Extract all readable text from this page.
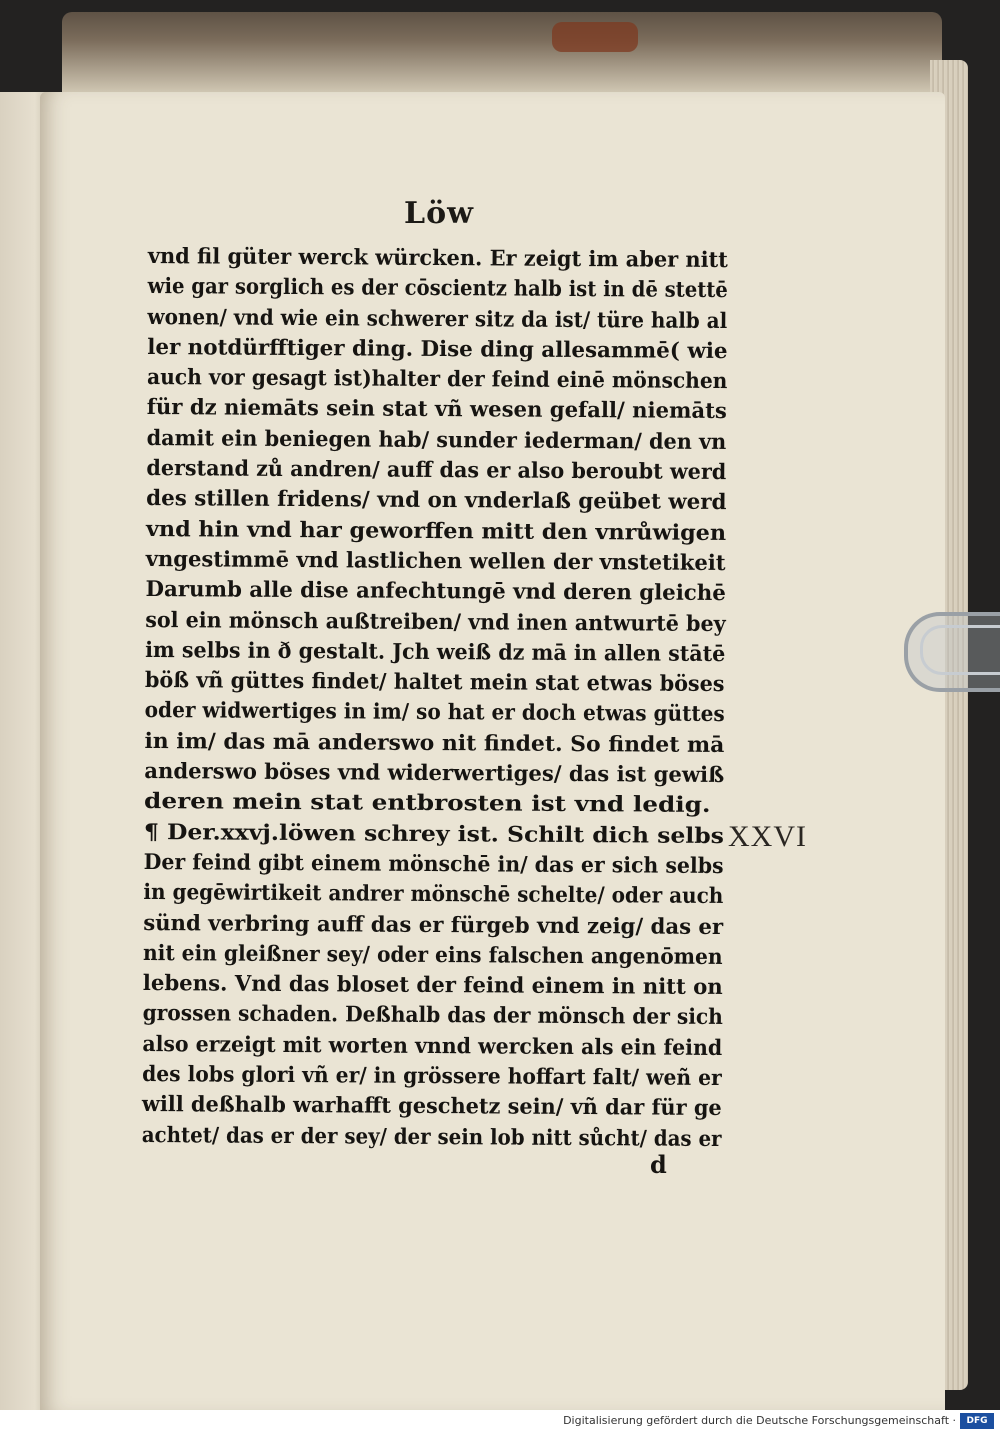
Löw
vnd fil güter werck würcken. Er zeigt im aber nitt
wie gar sorglich es der cōscientz halb ist in dē stettē
wonen/ vnd wie ein schwerer sitz da ist/ türe halb al
ler notdürfftiger ding. Dise ding allesammē( wie
auch vor gesagt ist)halter der feind einē mönschen
für dz niemāts sein stat vñ wesen gefall/ niemāts
damit ein beniegen hab/ sunder iederman/ den vn
derstand zů andren/ auff das er also beroubt werd
des stillen fridens/ vnd on vnderlaß geübet werd
vnd hin vnd har geworffen mitt den vnrůwigen
vngestimmē vnd lastlichen wellen der vnstetikeit
Darumb alle dise anfechtungē vnd deren gleichē
sol ein mönsch außtreiben/ vnd inen antwurtē bey
im selbs in ð gestalt. Jch weiß dz mā in allen stātē
böß vñ güttes findet/ haltet mein stat etwas böses
oder widwertiges in im/ so hat er doch etwas güttes
in im/ das mā anderswo nit findet. So findet mā
anderswo böses vnd widerwertiges/ das ist gewiß
deren mein stat entbrosten ist vnd ledig.
¶ Der.xxvj.löwen schrey ist. Schilt dich selbs
Der feind gibt einem mönschē in/ das er sich selbs
in gegēwirtikeit andrer mönschē schelte/ oder auch
sünd verbring auff das er fürgeb vnd zeig/ das er
nit ein gleißner sey/ oder eins falschen angenōmen
lebens. Vnd das bloset der feind einem in nitt on
grossen schaden. Deßhalb das der mönsch der sich
also erzeigt mit worten vnnd wercken als ein feind
des lobs glori vñ er/ in grössere hoffart falt/ weñ er
will deßhalb warhafft geschetz sein/ vñ dar für ge
achtet/ das er der sey/ der sein lob nitt sůcht/ das er
XXVI
d
Digitalisierung gefördert durch die Deutsche Forschungsgemeinschaft ·	DFG
